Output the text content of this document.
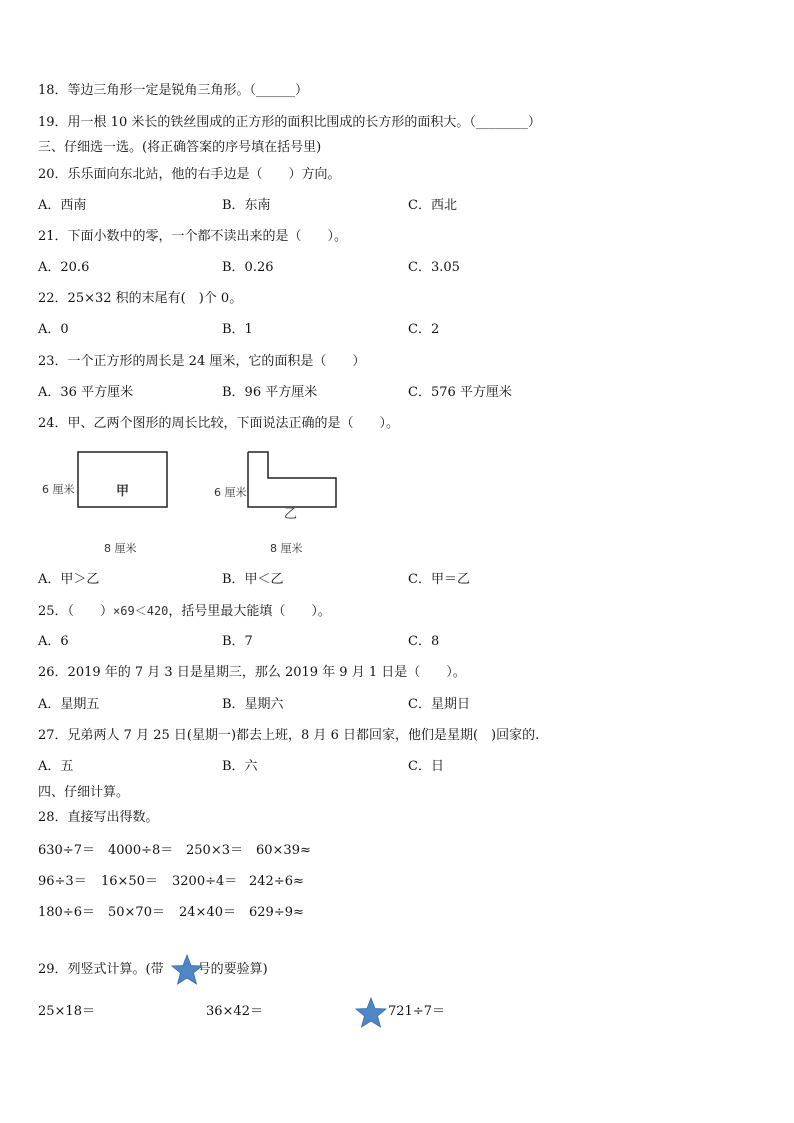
18．等边三角形一定是锐角三角形。（______）
19．用一根 10 米长的铁丝围成的正方形的面积比围成的长方形的面积大。（________）
三、仔细选一选。(将正确答案的序号填在括号里)
20．乐乐面向东北站，他的右手边是（　　）方向。
A．西南	B．东南	C．西北
21．下面小数中的零，一个都不读出来的是（　　）。
A．20.6	B．0.26	C．3.05
22．25×32 积的末尾有(　)个 0。
A．0	B．1	C．2
23．一个正方形的周长是 24 厘米，它的面积是（　　）
A．36 平方厘米	B．96 平方厘米	C．576 平方厘米
24．甲、乙两个图形的周长比较，下面说法正确的是（　　）。
6 厘米	甲
8 厘米
6 厘米
乙
8 厘米
A．甲＞乙	B．甲＜乙	C．甲＝乙
25．（　　）×69＜420，括号里最大能填（　　）。
A．6	B．7	C．8
26．2019 年的 7 月 3 日是星期三，那么 2019 年 9 月 1 日是（　　）。
A．星期五	B．星期六	C．星期日
27．兄弟两人 7 月 25 日(星期一)都去上班，8 月 6 日都回家，他们是星期(　)回家的.
A．五	B．六	C．日
四、仔细计算。
28．直接写出得数。
630÷7＝ 4000÷8＝ 250×3＝ 60×39≈
96÷3＝ 16×50＝ 3200÷4＝ 242÷6≈
180÷6＝ 50×70＝ 24×40＝ 629÷9≈
29．列竖式计算。(带	号的要验算)
25×18＝	36×42＝	721÷7＝
